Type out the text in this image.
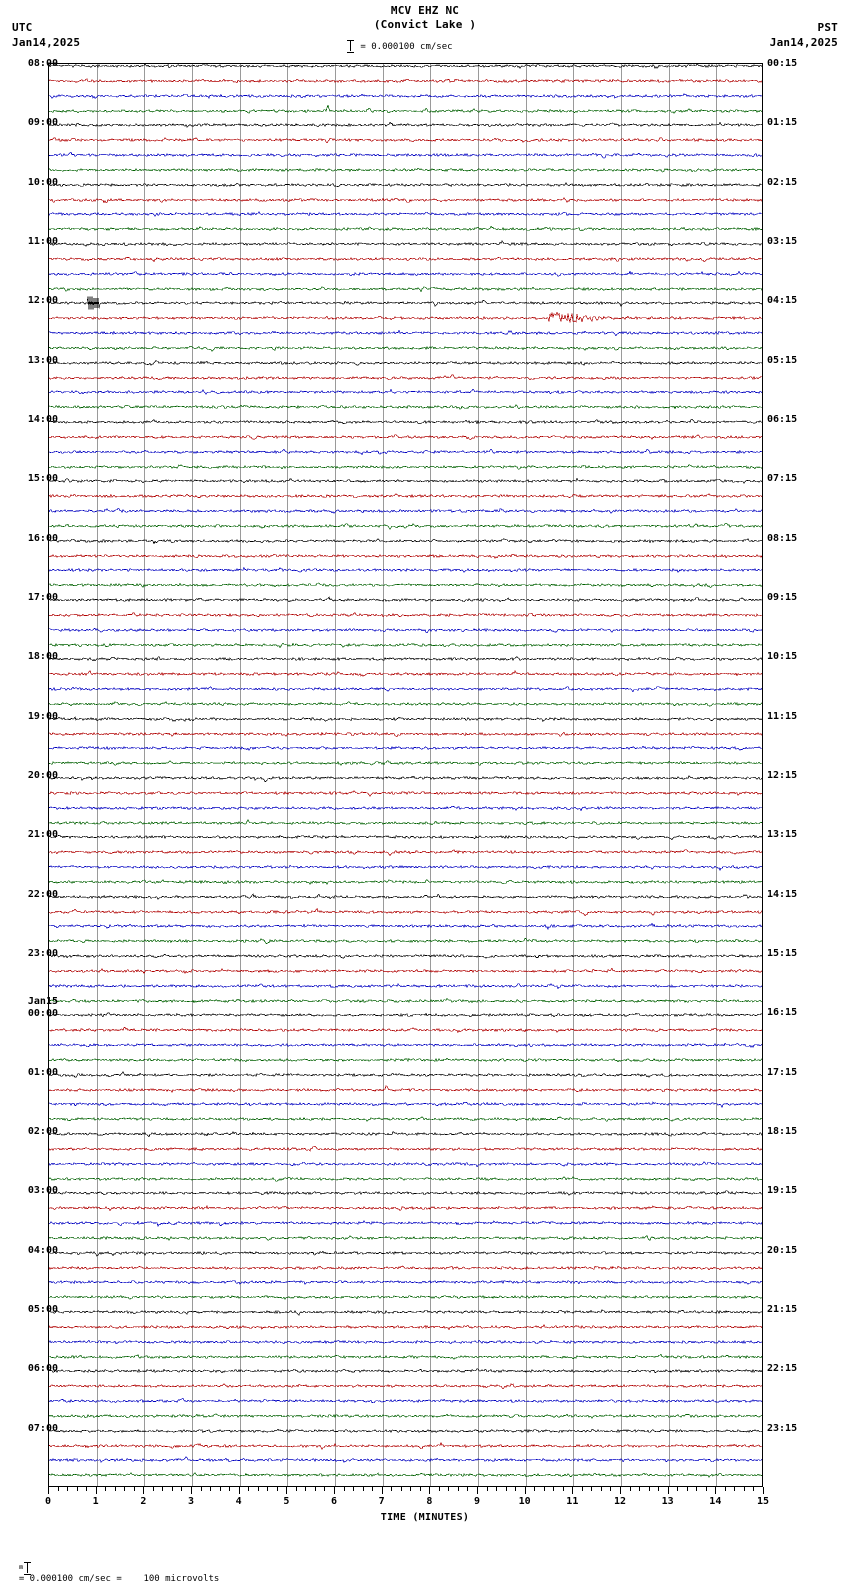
UTC
Jan14,2025
PST
Jan14,2025
MCV EHZ NC
(Convict Lake )
= 0.000100 cm/sec
08:00
09:00
10:00
11:00
12:00
13:00
14:00
15:00
16:00
17:00
18:00
19:00
20:00
21:00
22:00
23:00
Jan15
00:00
01:00
02:00
03:00
04:00
05:00
06:00
07:00
00:15
01:15
02:15
03:15
04:15
05:15
06:15
07:15
08:15
09:15
10:15
11:15
12:15
13:15
14:15
15:15
16:15
17:15
18:15
19:15
20:15
21:15
22:15
23:15
0	1	2	3	4	5	6	7	8	9	10	11	12	13	14	15
TIME (MINUTES)

$^ʍ$
= 0.000100 cm/sec =    100 microvolts
